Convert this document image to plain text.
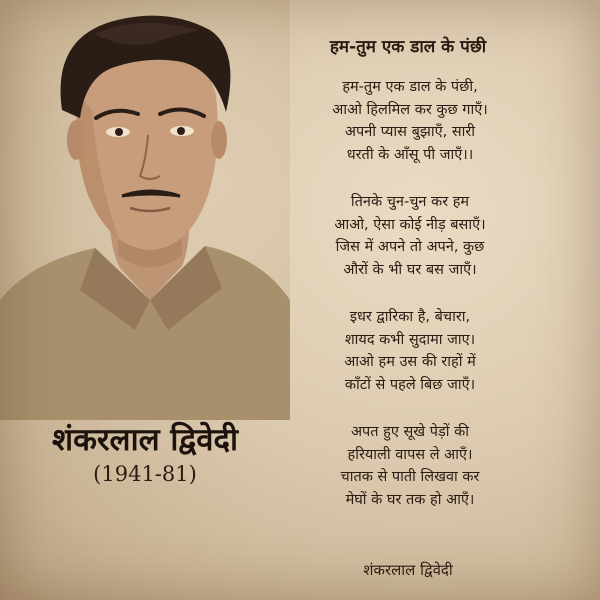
शंकरलाल द्विवेदी

(1941-81)

हम-तुम एक डाल के पंछी

हम-तुम एक डाल के पंछी,
आओ हिलमिल कर कुछ गाएँ।
अपनी प्यास बुझाएँ, सारी
धरती के आँसू पी जाएँ।।

तिनके चुन-चुन कर हम
आओ, ऐसा कोई नीड़ बसाएँ।
जिस में अपने तो अपने, कुछ
औरों के भी घर बस जाएँ।

इधर द्वारिका है, बेचारा,
शायद कभी सुदामा जाए।
आओ हम उस की राहों में
काँटों से पहले बिछ जाएँ।

अपत हुए सूखे पेड़ों की
हरियाली वापस ले आएँ।
चातक से पाती लिखवा कर
मेघों के घर तक हो आएँ।

शंकरलाल द्विवेदी
